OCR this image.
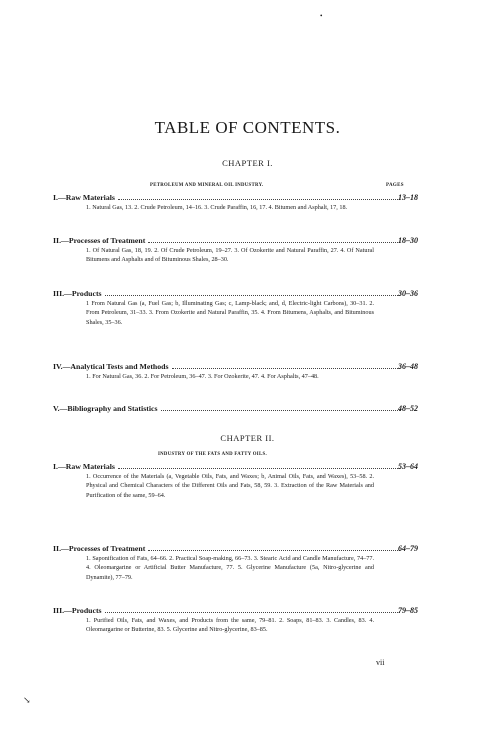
•
TABLE OF CONTENTS.
CHAPTER I.
PETROLEUM AND MINERAL OIL INDUSTRY.	PAGES
I.—Raw Materials	13–18
1. Natural Gas, 13. 2. Crude Petroleum, 14–16. 3. Crude Paraffin, 16, 17. 4. Bitumen and Asphalt, 17, 18.
II.—Processes of Treatment	18–30
1. Of Natural Gas, 18, 19. 2. Of Crude Petroleum, 19–27. 3. Of Ozokerite and Natural Paraffin, 27. 4. Of Natural Bitumens and Asphalts and of Bituminous Shales, 28–30.
III.—Products	30–36
1 From Natural Gas (a, Fuel Gas; b, Illuminating Gas; c, Lamp-black; and, d, Electric-light Carbons), 30–31. 2. From Petroleum, 31–33. 3. From Ozokerite and Natural Paraffin, 35. 4. From Bitumens, Asphalts, and Bituminous Shales, 35–36.
IV.—Analytical Tests and Methods	36–48
1. For Natural Gas, 36. 2. For Petroleum, 36–47. 3. For Ozokerite, 47. 4. For Asphalts, 47–48.
V.—Bibliography and Statistics	48–52
CHAPTER II.
INDUSTRY OF THE FATS AND FATTY OILS.
I.—Raw Materials	53–64
1. Occurrence of the Materials (a, Vegetable Oils, Fats, and Waxes; b, Animal Oils, Fats, and Waxes), 53–58. 2. Physical and Chemical Characters of the Different Oils and Fats, 58, 59. 3. Extraction of the Raw Materials and Purification of the same, 59–64.
II.—Processes of Treatment	64–79
1. Saponification of Fats, 64–66. 2. Practical Soap-making, 66–73. 3. Stearic Acid and Candle Manufacture, 74–77. 4. Oleomargarine or Artificial Butter Manufacture, 77. 5. Glycerine Manufacture (5a, Nitro-glycerine and Dynamite), 77–79.
III.—Products	79–85
1. Purified Oils, Fats, and Waxes, and Products from the same, 79–81. 2. Soaps, 81–83. 3. Candles, 83. 4. Oleomargarine or Butterine, 83. 5. Glycerine and Nitro-glycerine, 83–85.
vii
↘
